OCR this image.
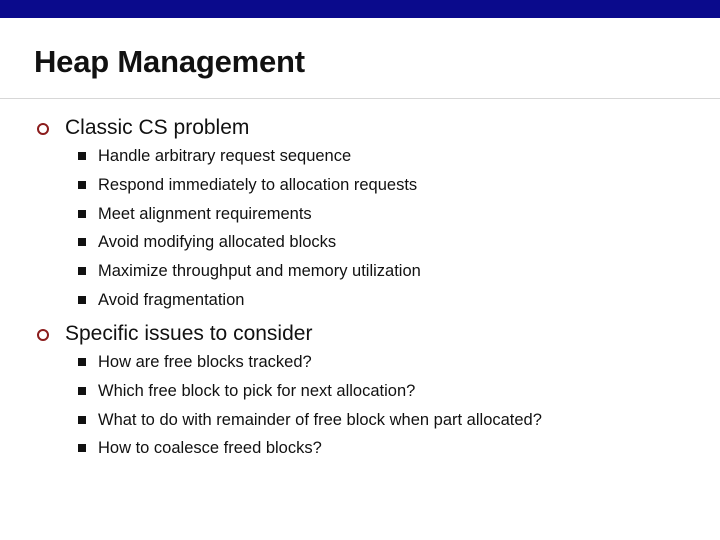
Heap Management
Classic CS problem
Handle arbitrary request sequence
Respond immediately to allocation requests
Meet alignment requirements
Avoid modifying allocated blocks
Maximize throughput and memory utilization
Avoid fragmentation
Specific issues to consider
How are free blocks tracked?
Which free block to pick for next allocation?
What to do with remainder of free block when part allocated?
How to coalesce freed blocks?
